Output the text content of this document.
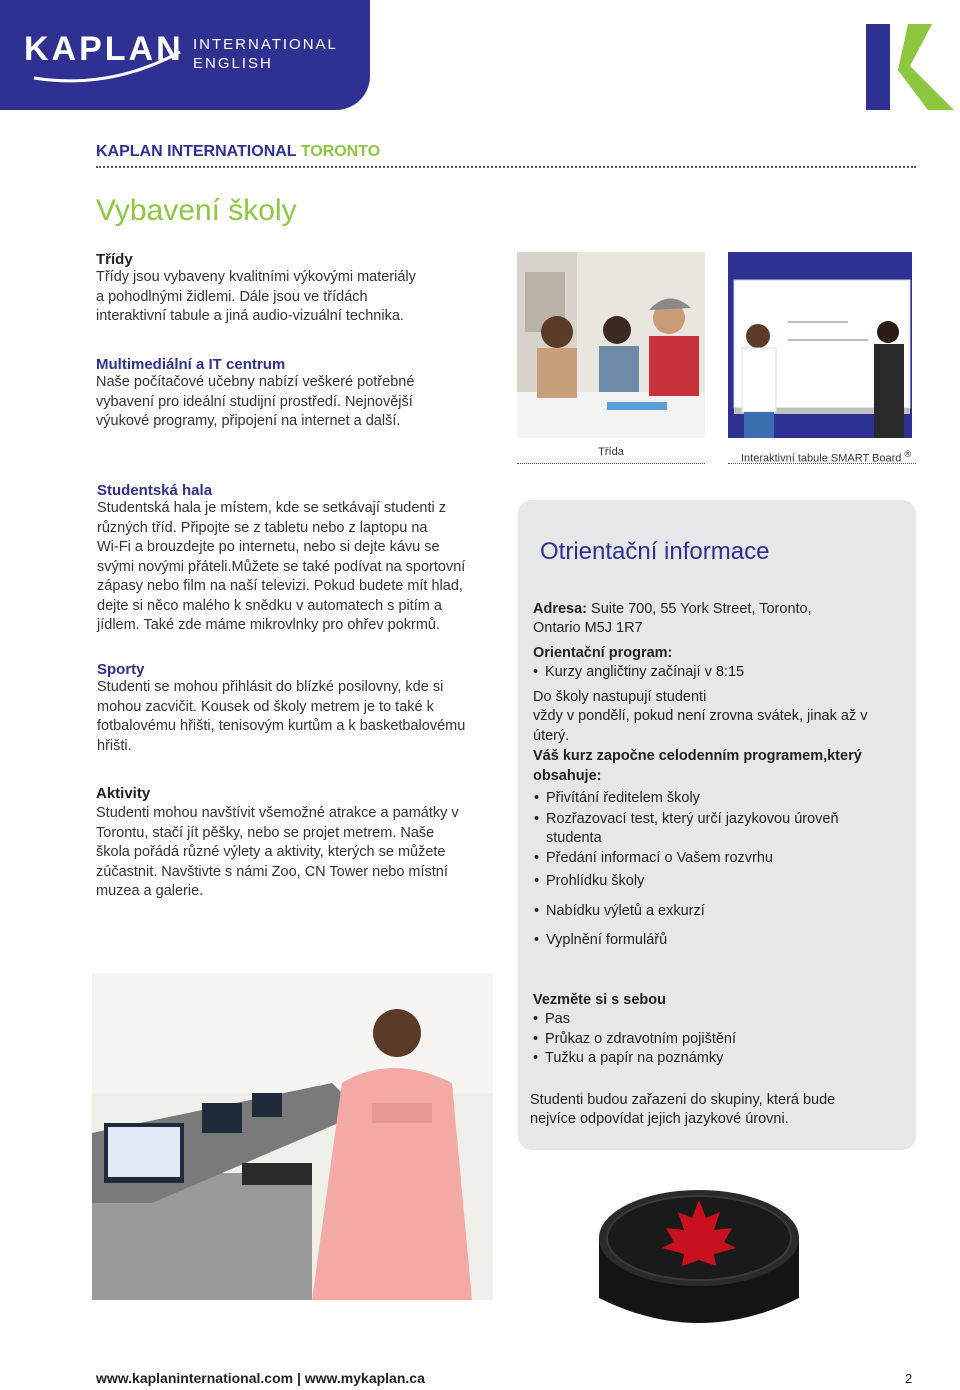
KAPLAN INTERNATIONAL
ENGLISH
KAPLAN INTERNATIONAL TORONTO
Vybavení školy
Třídy
Třídy jsou vybaveny kvalitními výkovými materiály
a pohodlnými židlemi. Dále jsou ve třídách
interaktivní tabule a jiná audio-vizuální technika.
Multimediální a IT centrum
Naše počítačové učebny nabízí veškeré potřebné
vybavení pro ideální studijní prostředí. Nejnovější
výukové programy, připojení na internet a další.
Studentská hala
Studentská hala je místem, kde se setkávají studenti z
různých tříd. Připojte se z tabletu nebo z laptopu na
Wi-Fi a brouzdejte po internetu, nebo si dejte kávu se
svými novými přáteli.Můžete se také podívat na sportovní
zápasy nebo film na naší televizi. Pokud budete mít hlad,
dejte si něco malého k snědku v automatech s pitím a
jídlem. Také zde máme mikrovlnky pro ohřev pokrmů.
Sporty
Studenti se mohou přihlásit do blízké posilovny, kde si
mohou zacvičit. Kousek od školy metrem je to také k
fotbalovému hřišti, tenisovým kurtům a k basketbalovému
hřišti.
Aktivity
Studenti mohou navštívit všemožné atrakce a památky v
Torontu, stačí jít pěšky, nebo se projet metrem. Naše
škola pořádá různé výlety a aktivity, kterých se můžete
zúčastnit. Navštivte s námi Zoo, CN Tower nebo místní
muzea a galerie.
Třída
Interaktivní tabule SMART Board ®
Otrientační informace
Adresa: Suite 700, 55 York Street, Toronto,
Ontario M5J 1R7
Orientační program:
• Kurzy angličtiny začínají v 8:15
Do školy nastupují studenti
vždy v pondělí, pokud není zrovna svátek, jinak až v
úterý.
Váš kurz započne celodenním programem,který
obsahuje:
• Přivítání ředitelem školy
• Rozřazovací test, který určí jazykovou úroveň
studenta
• Předání informací o Vašem rozvrhu
• Prohlídku školy
• Nabídku výletů a exkurzí
• Vyplnění formulářů
Vezměte si s sebou
• Pas
• Průkaz o zdravotním pojištění
• Tužku a papír na poznámky
Studenti budou zařazeni do skupiny, která bude
nejvíce odpovídat jejich jazykové úrovni.
www.kaplaninternational.com | www.mykaplan.ca	2
